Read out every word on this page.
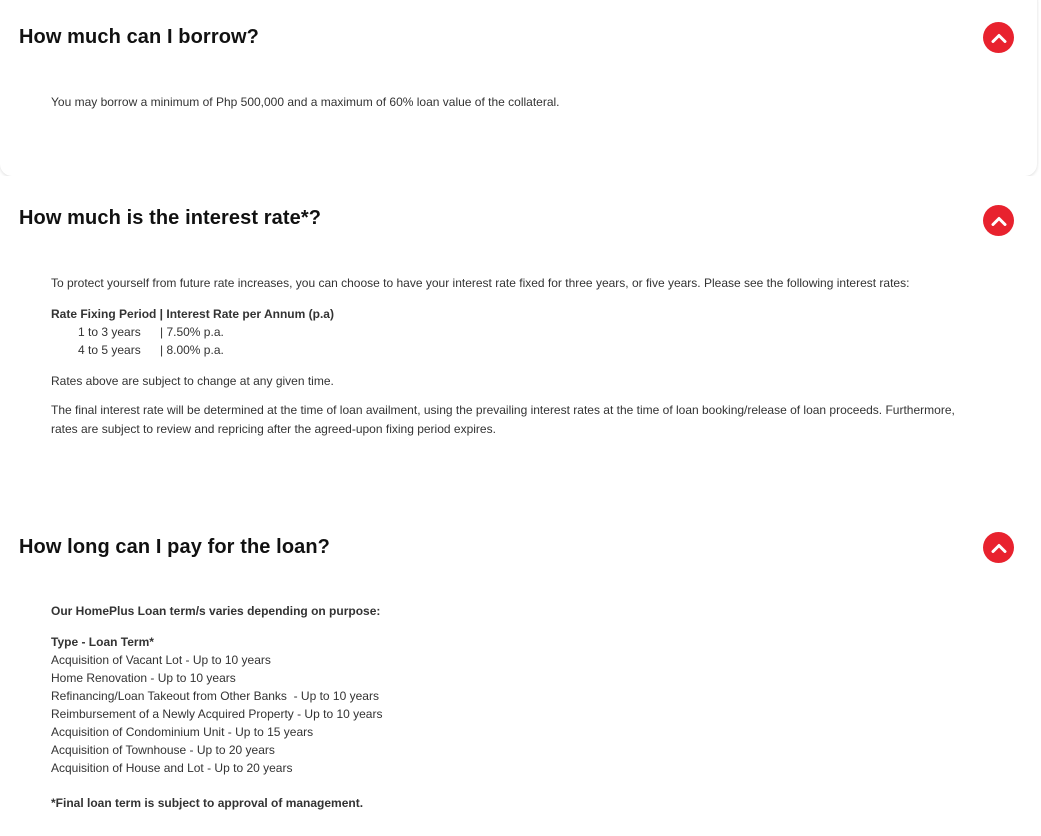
How much can I borrow?

You may borrow a minimum of Php 500,000 and a maximum of 60% loan value of the collateral.

How much is the interest rate*?

To protect yourself from future rate increases, you can choose to have your interest rate fixed for three years, or five years. Please see the following interest rates:

Rate Fixing Period | Interest Rate per Annum (p.a)

1 to 3 years	| 7.50% p.a.
4 to 5 years	| 8.00% p.a.

Rates above are subject to change at any given time.

The final interest rate will be determined at the time of loan availment, using the prevailing interest rates at the time of loan booking/release of loan proceeds. Furthermore, rates are subject to review and repricing after the agreed-upon fixing period expires.

How long can I pay for the loan?

Our HomePlus Loan term/s varies depending on purpose:

Type - Loan Term*

Acquisition of Vacant Lot - Up to 10 years
Home Renovation - Up to 10 years
Refinancing/Loan Takeout from Other Banks  - Up to 10 years
Reimbursement of a Newly Acquired Property - Up to 10 years
Acquisition of Condominium Unit - Up to 15 years
Acquisition of Townhouse - Up to 20 years
Acquisition of House and Lot - Up to 20 years

*Final loan term is subject to approval of management.
